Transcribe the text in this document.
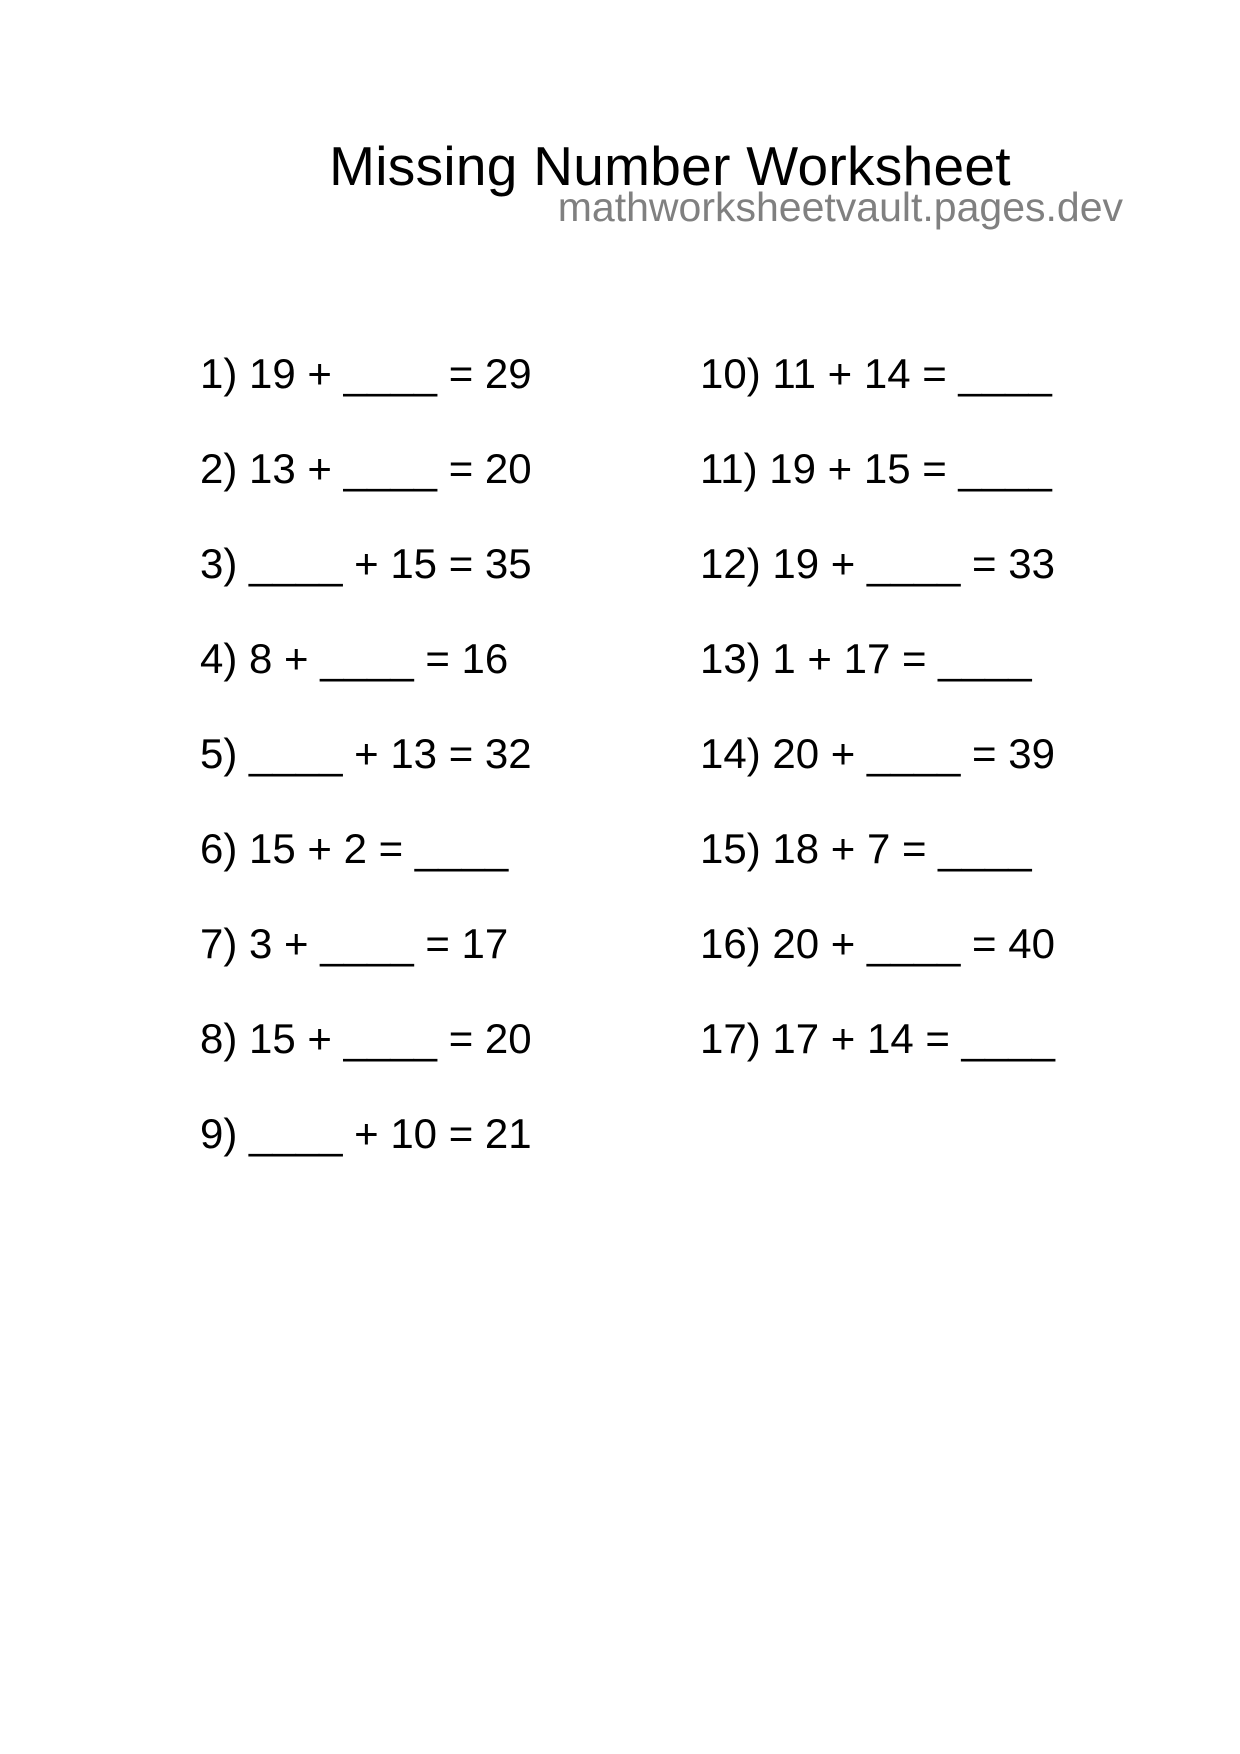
Missing Number Worksheet
mathworksheetvault.pages.dev
1) 19 + ____ = 29
2) 13 + ____ = 20
3) ____ + 15 = 35
4) 8 + ____ = 16
5) ____ + 13 = 32
6) 15 + 2 = ____
7) 3 + ____ = 17
8) 15 + ____ = 20
9) ____ + 10 = 21
10) 11 + 14 = ____
11) 19 + 15 = ____
12) 19 + ____ = 33
13) 1 + 17 = ____
14) 20 + ____ = 39
15) 18 + 7 = ____
16) 20 + ____ = 40
17) 17 + 14 = ____
